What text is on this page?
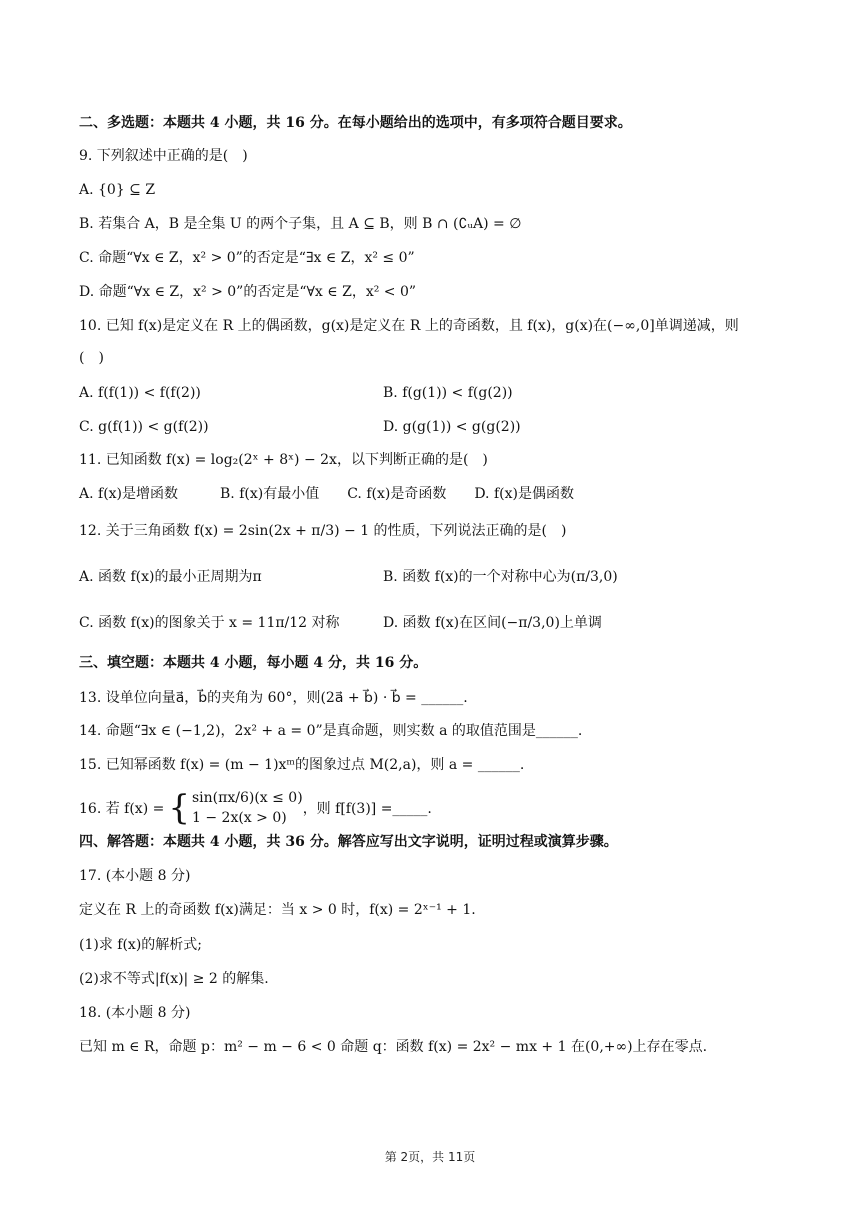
二、多选题：本题共 4 小题，共 16 分。在每小题给出的选项中，有多项符合题目要求。
9. 下列叙述中正确的是(　)
A. {0} ⊆ Z
B. 若集合 A，B 是全集 U 的两个子集，且 A ⊆ B，则 B ∩ (∁ᵤA) = ∅
C. 命题“∀x ∈ Z，x² > 0”的否定是“∃x ∈ Z，x² ≤ 0”
D. 命题“∀x ∈ Z，x² > 0”的否定是“∀x ∈ Z，x² < 0”
10. 已知 f(x)是定义在 R 上的偶函数，g(x)是定义在 R 上的奇函数，且 f(x)，g(x)在(−∞,0]单调递减，则
(　)
A. f(f(1)) < f(f(2))	B. f(g(1)) < f(g(2))
C. g(f(1)) < g(f(2))	D. g(g(1)) < g(g(2))
11. 已知函数 f(x) = log₂(2ˣ + 8ˣ) − 2x，以下判断正确的是(　)
A. f(x)是增函数　　　B. f(x)有最小值　　C. f(x)是奇函数　　D. f(x)是偶函数
12. 关于三角函数 f(x) = 2sin(2x + π/3) − 1 的性质，下列说法正确的是(　)
A. 函数 f(x)的最小正周期为π	B. 函数 f(x)的一个对称中心为(π/3,0)
C. 函数 f(x)的图象关于 x = 11π/12 对称	D. 函数 f(x)在区间(−π/3,0)上单调
三、填空题：本题共 4 小题，每小题 4 分，共 16 分。
13. 设单位向量a⃗，b⃗的夹角为 60°，则(2a⃗ + b⃗) · b⃗ = ______.
14. 命题“∃x ∈ (−1,2)，2x² + a = 0”是真命题，则实数 a 的取值范围是______.
15. 已知幂函数 f(x) = (m − 1)xᵐ的图象过点 M(2,a)，则 a = ______.
16. 若 f(x) = { sin(πx/6)(x ≤ 0)
1 − 2x(x > 0)
，则 f[f(3)] =_____.
四、解答题：本题共 4 小题，共 36 分。解答应写出文字说明，证明过程或演算步骤。
17. (本小题 8 分)
定义在 R 上的奇函数 f(x)满足：当 x > 0 时，f(x) = 2ˣ⁻¹ + 1.
(1)求 f(x)的解析式;
(2)求不等式|f(x)| ≥ 2 的解集.
18. (本小题 8 分)
已知 m ∈ R，命题 p：m² − m − 6 < 0 命题 q：函数 f(x) = 2x² − mx + 1 在(0,+∞)上存在零点.
第 2页，共 11页
